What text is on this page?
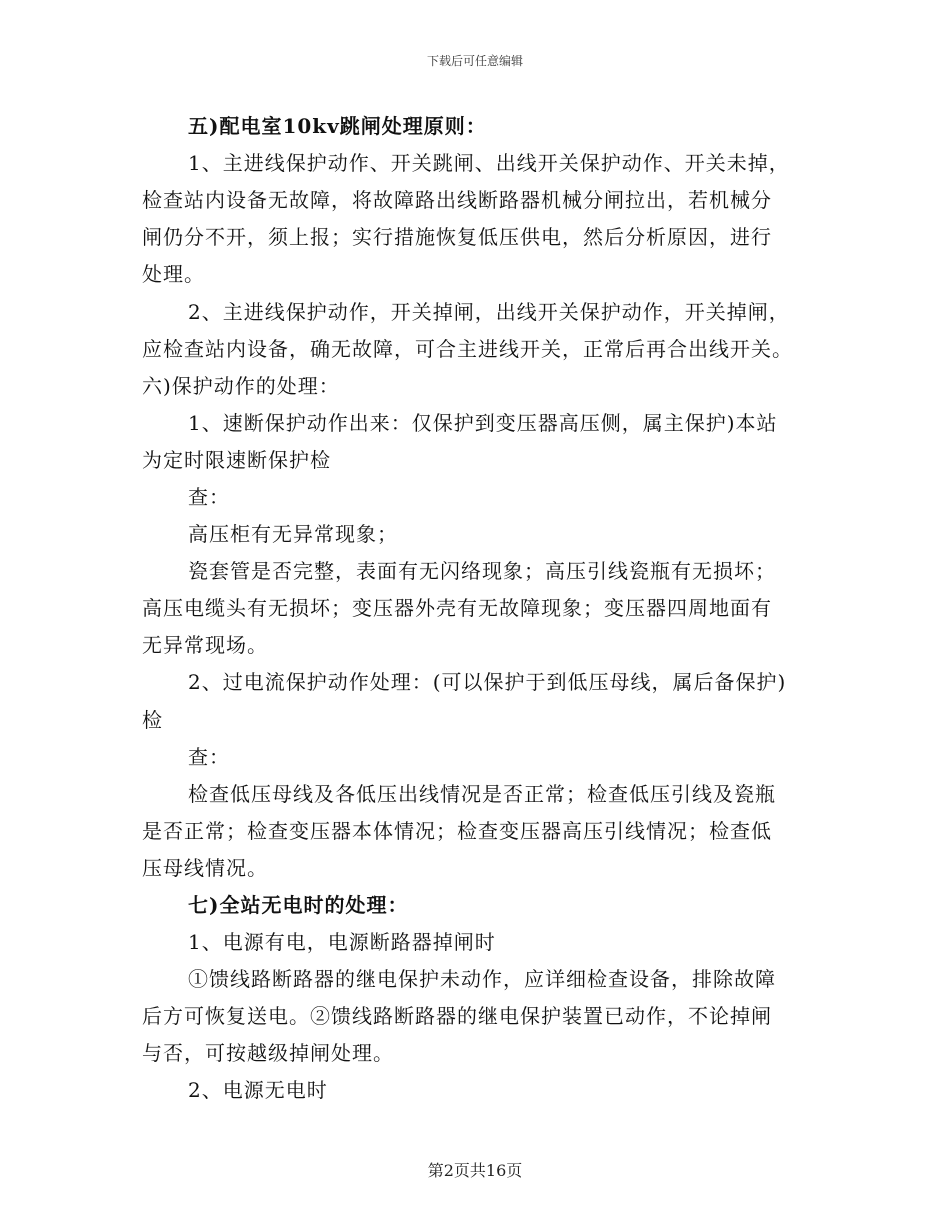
下载后可任意编辑
五)配电室10kv跳闸处理原则：
1、主进线保护动作、开关跳闸、出线开关保护动作、开关未掉，
检查站内设备无故障，将故障路出线断路器机械分闸拉出，若机械分
闸仍分不开，须上报；实行措施恢复低压供电，然后分析原因，进行
处理。
2、主进线保护动作，开关掉闸，出线开关保护动作，开关掉闸，
应检查站内设备，确无故障，可合主进线开关，正常后再合出线开关。
六)保护动作的处理：
1、速断保护动作出来：仅保护到变压器高压侧，属主保护)本站
为定时限速断保护检
查：
高压柜有无异常现象；
瓷套管是否完整，表面有无闪络现象；高压引线瓷瓶有无损坏；
高压电缆头有无损坏；变压器外壳有无故障现象；变压器四周地面有
无异常现场。
2、过电流保护动作处理：(可以保护于到低压母线，属后备保护)
检
查：
检查低压母线及各低压出线情况是否正常；检查低压引线及瓷瓶
是否正常；检查变压器本体情况；检查变压器高压引线情况；检查低
压母线情况。
七)全站无电时的处理：
1、电源有电，电源断路器掉闸时
①馈线路断路器的继电保护未动作，应详细检查设备，排除故障
后方可恢复送电。②馈线路断路器的继电保护装置已动作，不论掉闸
与否，可按越级掉闸处理。
2、电源无电时
第2页共16页
